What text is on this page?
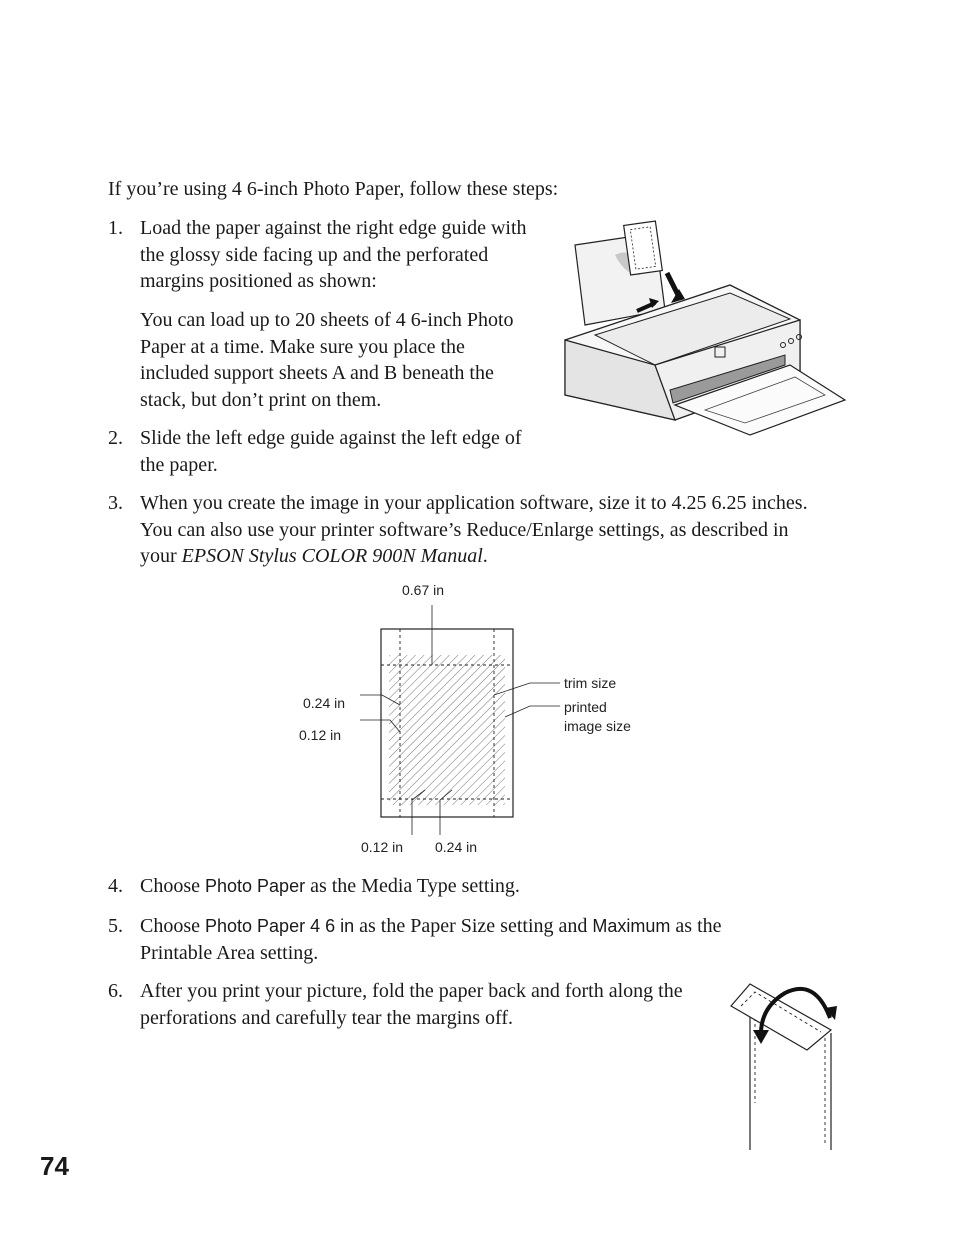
If you’re using 4 6-inch Photo Paper, follow these steps:
1. Load the paper against the right edge guide with the glossy side facing up and the perforated margins positioned as shown:
You can load up to 20 sheets of 4 6-inch Photo Paper at a time. Make sure you place the included support sheets A and B beneath the stack, but don’t print on them.
2. Slide the left edge guide against the left edge of the paper.
3. When you create the image in your application software, size it to 4.25 6.25 inches. You can also use your printer software’s Reduce/Enlarge settings, as described in your EPSON Stylus COLOR 900N Manual.
0.67 in
0.24 in
0.12 in
0.12 in 0.24 in
trim size
printed
image size
4. Choose Photo Paper as the Media Type setting.
5. Choose Photo Paper 4 6 in as the Paper Size setting and Maximum as the Printable Area setting.
6. After you print your picture, fold the paper back and forth along the perforations and carefully tear the margins off.
74
